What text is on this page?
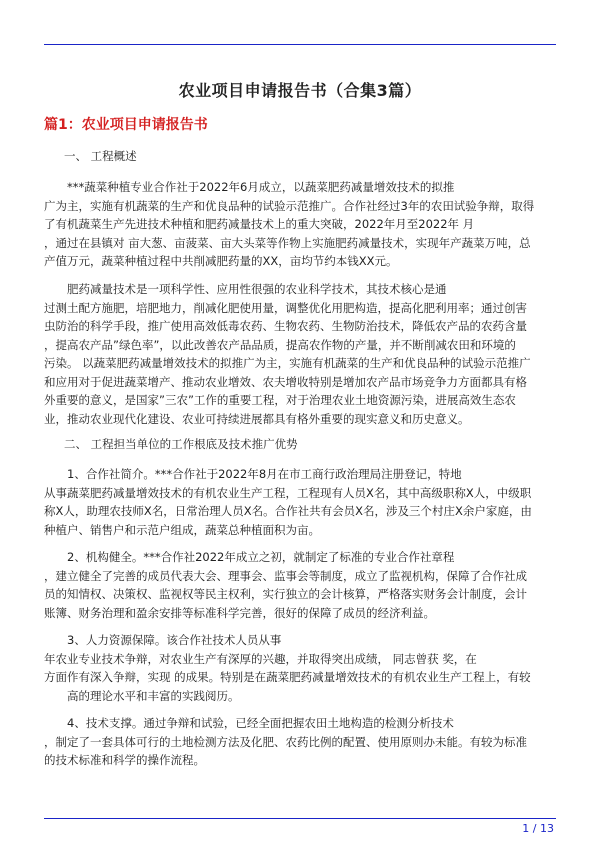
农业项目申请报告书（合集3篇）
篇1：农业项目申请报告书
一、 工程概述

***蔬菜种植专业合作社于2022年6月成立，以蔬菜肥药减量增效技术的拟推

广为主，实施有机蔬菜的生产和优良品种的试验示范推广。合作社经过3年的农田试验争辩，取得

了有机蔬菜生产先进技术种植和肥药减量技术上的重大突破，2022年月至2022年 月

，通过在县镇对 亩大葱、亩菠菜、亩大头菜等作物上实施肥药减量技术，实现年产蔬菜万吨，总

产值万元，蔬菜种植过程中共削减肥药量的XX，亩均节约本钱XX元。

肥药减量技术是一项科学性、应用性很强的农业科学技术，其技术核心是通

过测土配方施肥，培肥地力，削减化肥使用量，调整优化用肥构造，提高化肥利用率；通过创害

虫防治的科学手段，推广使用高效低毒农药、生物农药、生物防治技术，降低农产品的农药含量

，提高农产品”绿色率”，以此改善农产品品质，提高农作物的产量，并不断削减农田和环境的

污染。 以蔬菜肥药减量增效技术的拟推广为主，实施有机蔬菜的生产和优良品种的试验示范推广

和应用对于促进蔬菜增产、推动农业增效、农夫增收特别是增加农产品市场竞争力方面都具有格

外重要的意义，是国家”三农”工作的重要工程，对于治理农业土地资源污染，进展高效生态农

业，推动农业现代化建设、农业可持续进展都具有格外重要的现实意义和历史意义。

二、 工程担当单位的工作根底及技术推广优势

1、合作社简介。***合作社于2022年8月在市工商行政治理局注册登记，特地

从事蔬菜肥药减量增效技术的有机农业生产工程，工程现有人员X名，其中高级职称X人，中级职

称X人，助理农技师X名，日常治理人员X名。合作社共有会员X名，涉及三个村庄X余户家庭，由

种植户、销售户和示范户组成，蔬菜总种植面积为亩。

2、机构健全。***合作社2022年成立之初，就制定了标准的专业合作社章程

，建立健全了完善的成员代表大会、理事会、监事会等制度，成立了监视机构，保障了合作社成

员的知情权、决策权、监视权等民主权利，实行独立的会计核算，严格落实财务会计制度，会计

账簿、财务治理和盈余安排等标准科学完善，很好的保障了成员的经济利益。

3、人力资源保障。该合作社技术人员从事

年农业专业技术争辩，对农业生产有深厚的兴趣，并取得突出成绩， 同志曾获 奖，在

方面作有深入争辩，实现 的成果。特别是在蔬菜肥药减量增效技术的有机农业生产工程上，有较

高的理论水平和丰富的实践阅历。

4、技术支撑。通过争辩和试验，已经全面把握农田土地构造的检测分析技术

，制定了一套具体可行的土地检测方法及化肥、农药比例的配置、使用原则办未能。有较为标准

的技术标准和科学的操作流程。

1 / 13
